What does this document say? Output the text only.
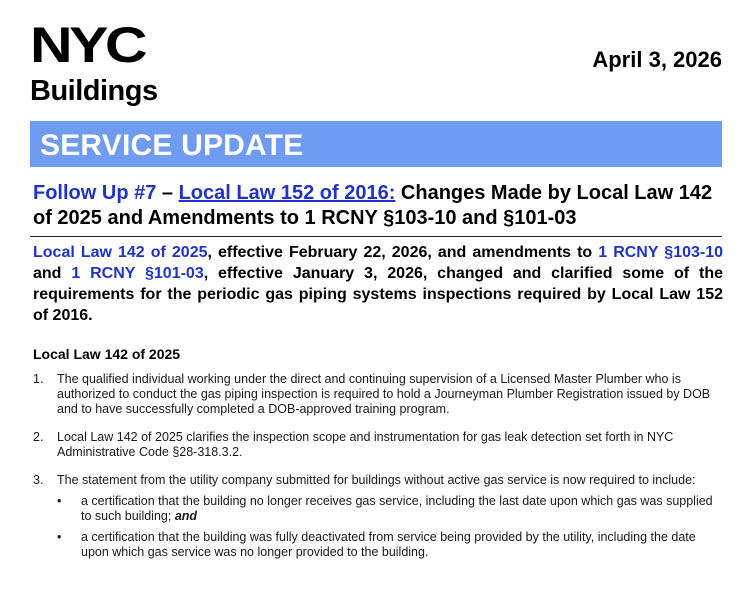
NYC
Buildings
April 3, 2026
SERVICE UPDATE
Follow Up #7 – Local Law 152 of 2016: Changes Made by Local Law 142 of 2025 and Amendments to 1 RCNY §103-10 and §101-03
Local Law 142 of 2025, effective February 22, 2026, and amendments to 1 RCNY §103-10 and 1 RCNY §101-03, effective January 3, 2026, changed and clarified some of the requirements for the periodic gas piping systems inspections required by Local Law 152 of 2016.
Local Law 142 of 2025
1. The qualified individual working under the direct and continuing supervision of a Licensed Master Plumber who is authorized to conduct the gas piping inspection is required to hold a Journeyman Plumber Registration issued by DOB and to have successfully completed a DOB-approved training program.
2. Local Law 142 of 2025 clarifies the inspection scope and instrumentation for gas leak detection set forth in NYC Administrative Code §28-318.3.2.
3. The statement from the utility company submitted for buildings without active gas service is now required to include:
• a certification that the building no longer receives gas service, including the last date upon which gas was supplied to such building; and
• a certification that the building was fully deactivated from service being provided by the utility, including the date upon which gas service was no longer provided to the building.
